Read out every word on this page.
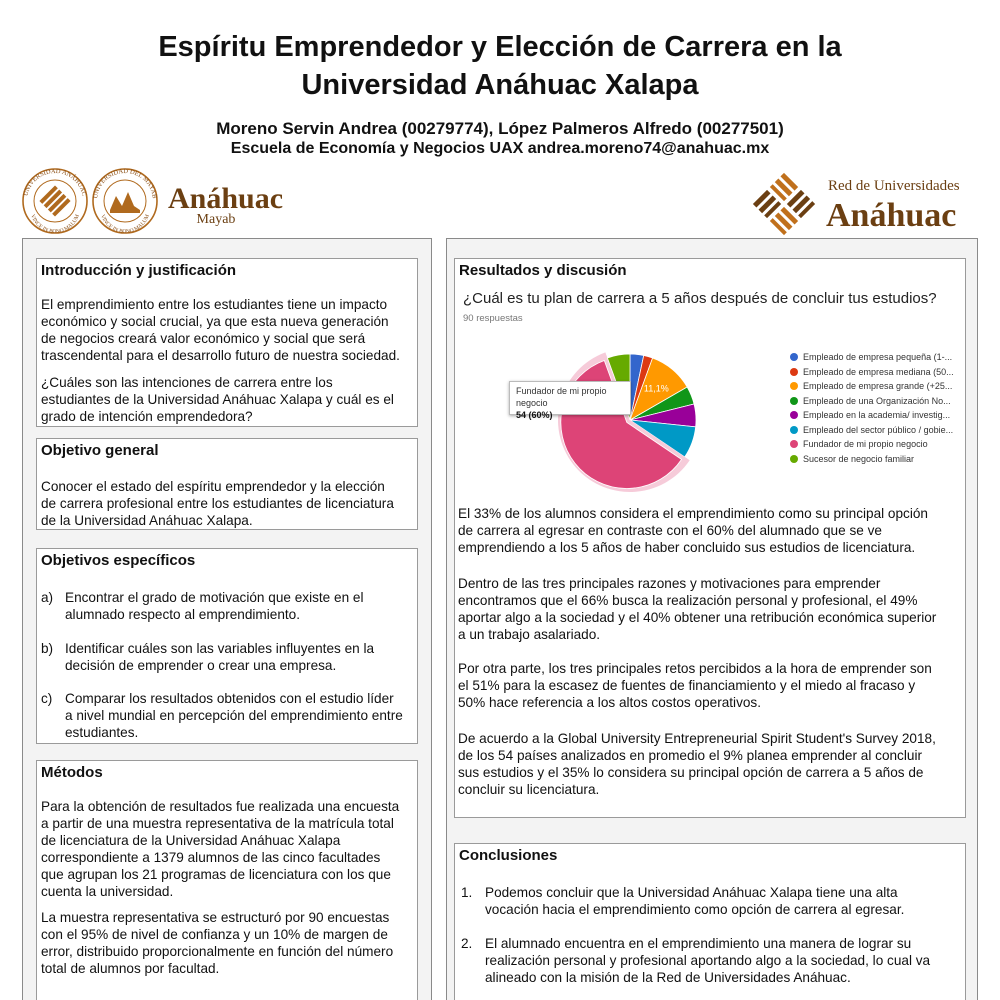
Espíritu Emprendedor y Elección de Carrera en la
Universidad Anáhuac Xalapa
Moreno Servin Andrea (00279774), López Palmeros Alfredo (00277501)
Escuela de Economía y Negocios UAX andrea.moreno74@anahuac.mx
UNIVERSIDAD ANÁHUAC
VINCE IN BONO MALUM
UNIVERSIDAD DEL MAYAB
VINCE IN BONO MALUM
Anáhuac
Mayab
Red de Universidades
Anáhuac
Introducción y justificación
El emprendimiento entre los estudiantes tiene un impacto
económico y social crucial, ya que esta nueva generación
de negocios creará valor económico y social que será
trascendental para el desarrollo futuro de nuestra sociedad.
¿Cuáles son las intenciones de carrera entre los
estudiantes de la Universidad Anáhuac Xalapa y cuál es el
grado de intención emprendedora?
Objetivo general
Conocer el estado del espíritu emprendedor y la elección
de carrera profesional entre los estudiantes de licenciatura
de la Universidad Anáhuac Xalapa.
Objetivos específicos
a) Encontrar el grado de motivación que existe en el
alumnado respecto al emprendimiento.
b) Identificar cuáles son las variables influyentes en la
decisión de emprender o crear una empresa.
c) Comparar los resultados obtenidos con el estudio líder
a nivel mundial en percepción del emprendimiento entre
estudiantes.
Métodos
Para la obtención de resultados fue realizada una encuesta
a partir de una muestra representativa de la matrícula total
de licenciatura de la Universidad Anáhuac Xalapa
correspondiente a 1379 alumnos de las cinco facultades
que agrupan los 21 programas de licenciatura con los que
cuenta la universidad.
La muestra representativa se estructuró por 90 encuestas
con el 95% de nivel de confianza y un 10% de margen de
error, distribuido proporcionalmente en función del número
total de alumnos por facultad.
Resultados y discusión
¿Cuál es tu plan de carrera a 5 años después de concluir tus estudios?
90 respuestas
11,1%
Fundador de mi propio negocio
54 (60%)
Empleado de empresa pequeña (1-...
Empleado de empresa mediana (50...
Empleado de empresa grande (+25...
Empleado de una Organización No...
Empleado en la academia/ investig...
Empleado del sector público / gobie...
Fundador de mi propio negocio
Sucesor de negocio familiar
El 33% de los alumnos considera el emprendimiento como su principal opción
de carrera al egresar en contraste con el 60% del alumnado que se ve
emprendiendo a los 5 años de haber concluido sus estudios de licenciatura.
Dentro de las tres principales razones y motivaciones para emprender
encontramos que el 66% busca la realización personal y profesional, el 49%
aportar algo a la sociedad y el 40% obtener una retribución económica superior
a un trabajo asalariado.
Por otra parte, los tres principales retos percibidos a la hora de emprender son
el 51% para la escasez de fuentes de financiamiento y el miedo al fracaso y
50% hace referencia a los altos costos operativos.
De acuerdo a la Global University Entrepreneurial Spirit Student's Survey 2018,
de los 54 países analizados en promedio el 9% planea emprender al concluir
sus estudios y el 35% lo considera su principal opción de carrera a 5 años de
concluir su licenciatura.
Conclusiones
1. Podemos concluir que la Universidad Anáhuac Xalapa tiene una alta
vocación hacia el emprendimiento como opción de carrera al egresar.
2. El alumnado encuentra en el emprendimiento una manera de lograr su
realización personal y profesional aportando algo a la sociedad, lo cual va
alineado con la misión de la Red de Universidades Anáhuac.
